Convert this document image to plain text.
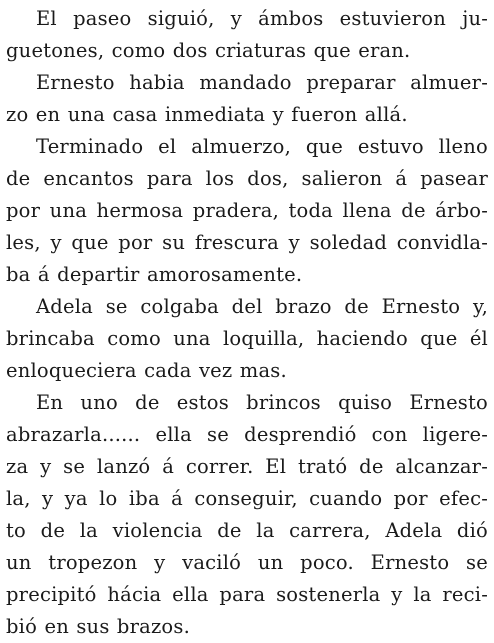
El paseo siguió, y ámbos estuvieron ju-
guetones, como dos criaturas que eran.

Ernesto habia mandado preparar almuer-
zo en una casa inmediata y fueron allá.

Terminado el almuerzo, que estuvo lleno
de encantos para los dos, salieron á pasear
por una hermosa pradera, toda llena de árbo-
les, y que por su frescura y soledad convidla-
ba á departir amorosamente.

Adela se colgaba del brazo de Ernesto y,
brincaba como una loquilla, haciendo que él
enloqueciera cada vez mas.

En uno de estos brincos quiso Ernesto
abrazarla...... ella se desprendió con ligere-
za y se lanzó á correr. El trató de alcanzar-
la, y ya lo iba á conseguir, cuando por efec-
to de la violencia de la carrera, Adela dió
un tropezon y vaciló un poco. Ernesto se
precipitó hácia ella para sostenerla y la reci-
bió en sus brazos.
